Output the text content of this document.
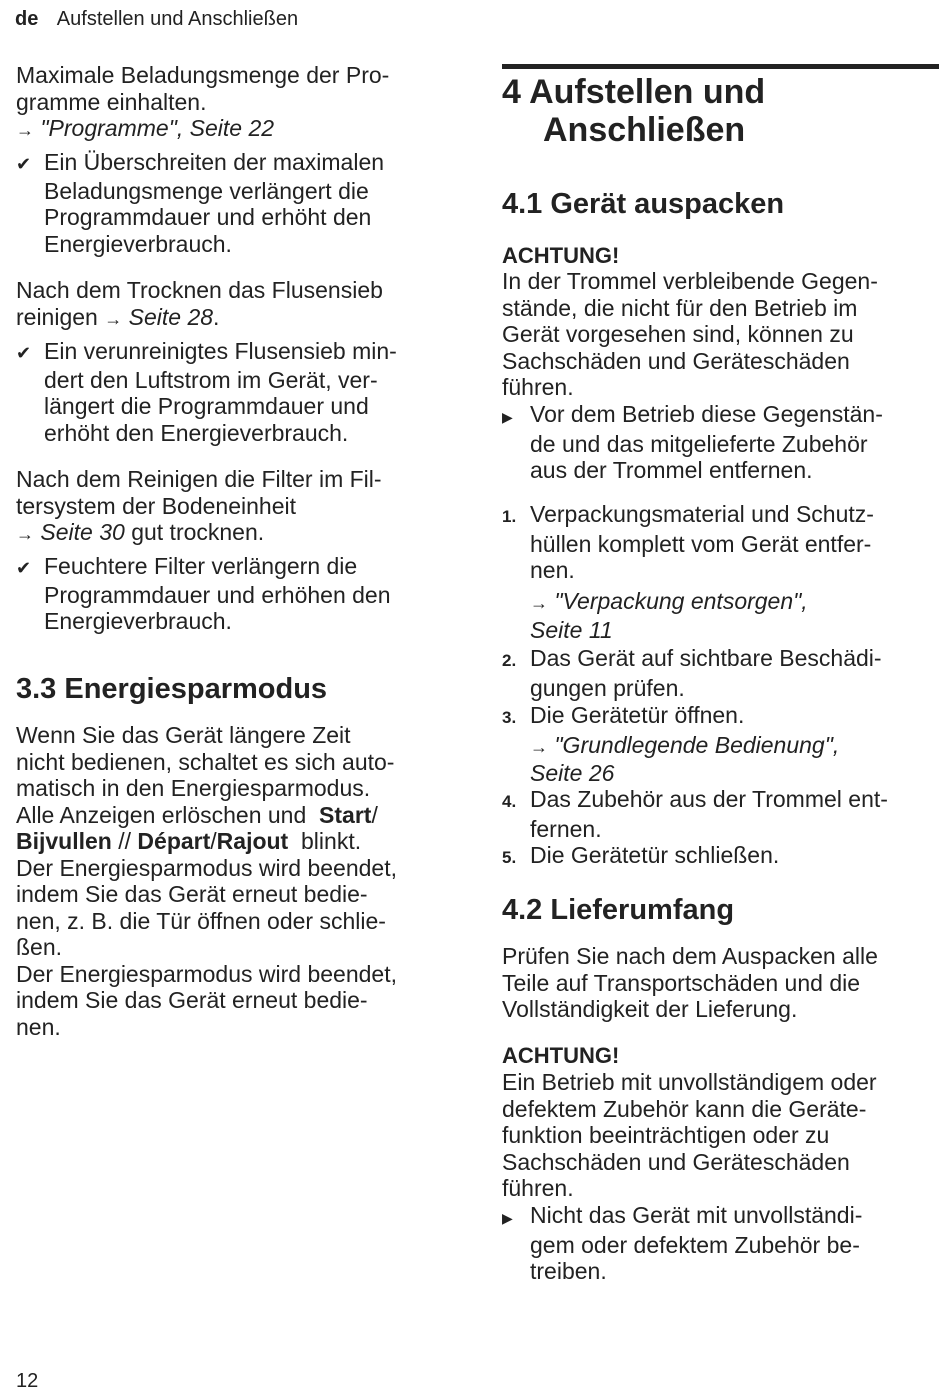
de Aufstellen und Anschließen
Maximale Beladungsmenge der Pro-
gramme einhalten.
→ "Programme", Seite 22
✔ Ein Überschreiten der maximalen
Beladungsmenge verlängert die
Programmdauer und erhöht den
Energieverbrauch.
Nach dem Trocknen das Flusensieb
reinigen → Seite 28.
✔ Ein verunreinigtes Flusensieb min-
dert den Luftstrom im Gerät, ver-
längert die Programmdauer und
erhöht den Energieverbrauch.
Nach dem Reinigen die Filter im Fil-
tersystem der Bodeneinheit
→ Seite 30 gut trocknen.
✔ Feuchtere Filter verlängern die
Programmdauer und erhöhen den
Energieverbrauch.
3.3 Energiesparmodus
Wenn Sie das Gerät längere Zeit
nicht bedienen, schaltet es sich auto-
matisch in den Energiesparmodus.
Alle Anzeigen erlöschen und Start/
Bijvullen // Départ/Rajout blinkt.
Der Energiesparmodus wird beendet,
indem Sie das Gerät erneut bedie-
nen, z. B. die Tür öffnen oder schlie-
ßen.
Der Energiesparmodus wird beendet,
indem Sie das Gerät erneut bedie-
nen.
4 Aufstellen und
Anschließen
4.1 Gerät auspacken
ACHTUNG!
In der Trommel verbleibende Gegen-
stände, die nicht für den Betrieb im
Gerät vorgesehen sind, können zu
Sachschäden und Geräteschäden
führen.
▶ Vor dem Betrieb diese Gegenstän-
de und das mitgelieferte Zubehör
aus der Trommel entfernen.
1. Verpackungsmaterial und Schutz-
hüllen komplett vom Gerät entfer-
nen.
→ "Verpackung entsorgen",
Seite 11
2. Das Gerät auf sichtbare Beschädi-
gungen prüfen.
3. Die Gerätetür öffnen.
→ "Grundlegende Bedienung",
Seite 26
4. Das Zubehör aus der Trommel ent-
fernen.
5. Die Gerätetür schließen.
4.2 Lieferumfang
Prüfen Sie nach dem Auspacken alle
Teile auf Transportschäden und die
Vollständigkeit der Lieferung.
ACHTUNG!
Ein Betrieb mit unvollständigem oder
defektem Zubehör kann die Geräte-
funktion beeinträchtigen oder zu
Sachschäden und Geräteschäden
führen.
▶ Nicht das Gerät mit unvollständi-
gem oder defektem Zubehör be-
treiben.
12
